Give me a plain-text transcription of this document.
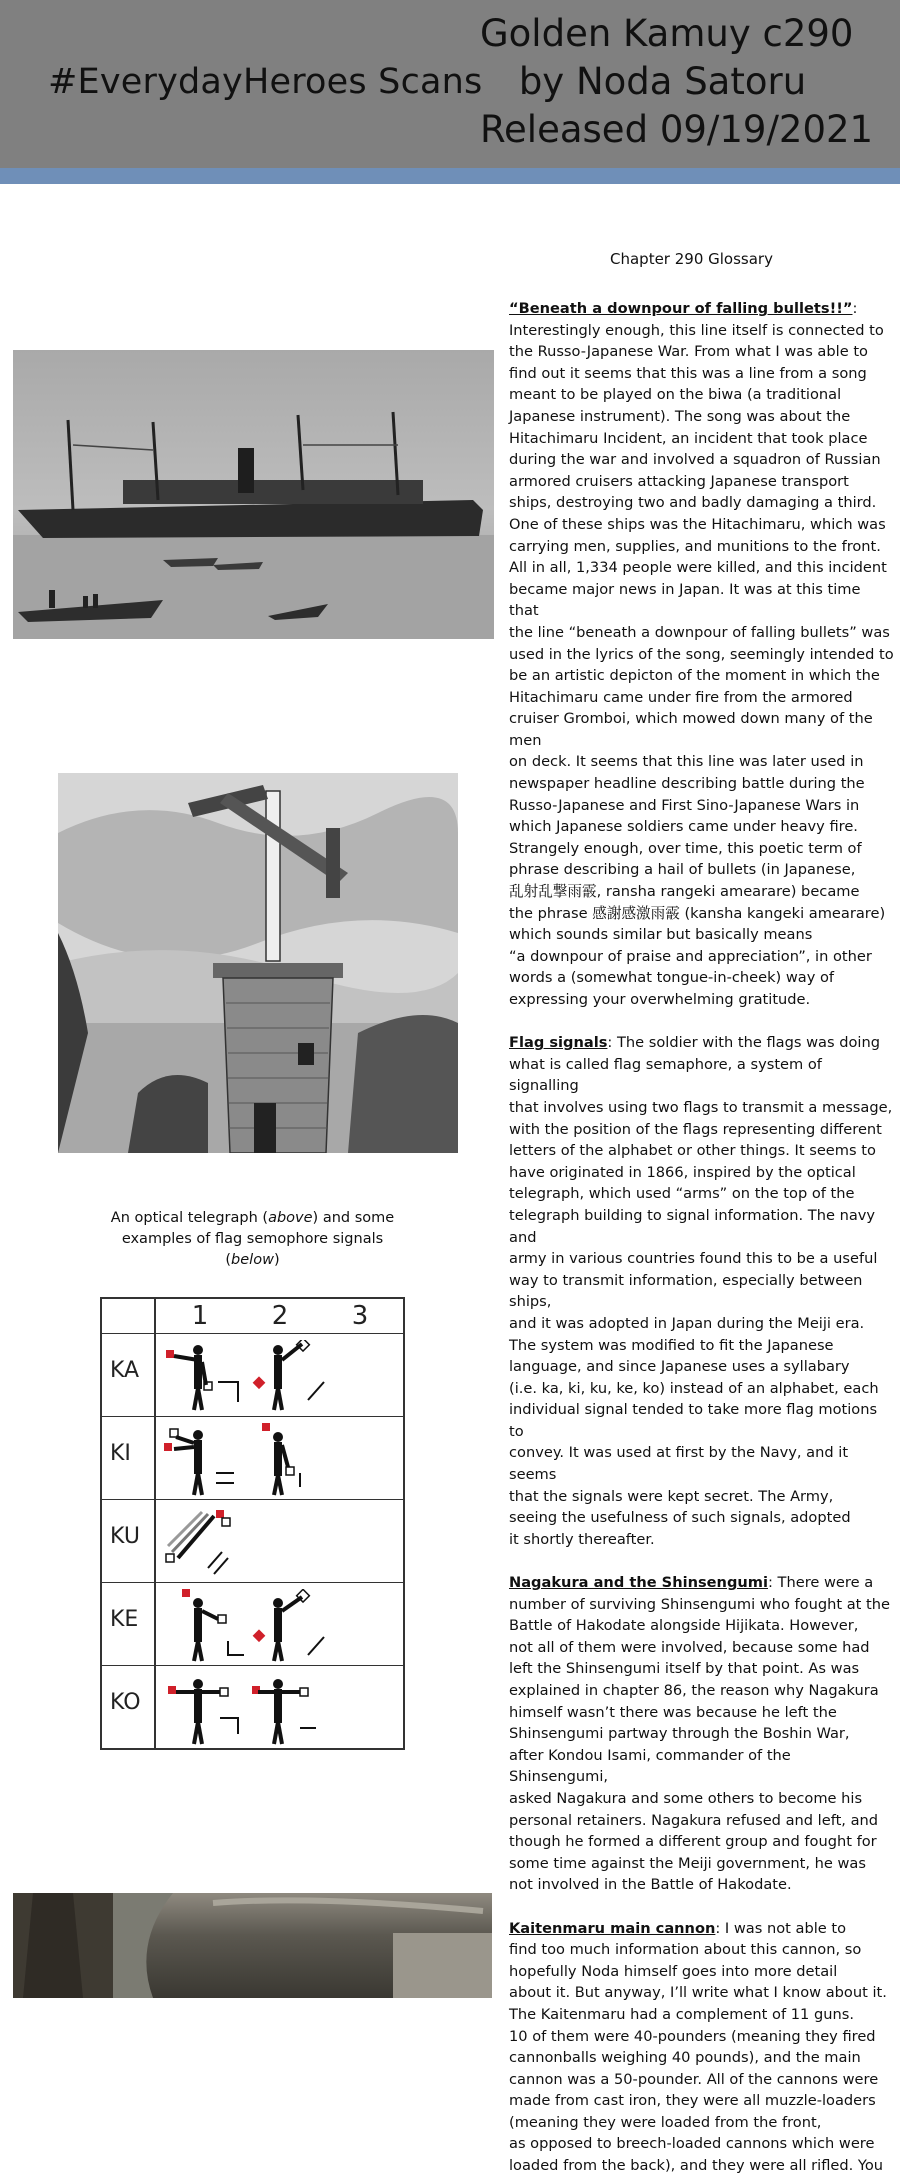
#EverydayHeroes Scans
Golden Kamuy c290
by Noda Satoru
Released 09/19/2021
Chapter 290 Glossary

“Beneath a downpour of falling bullets!!”:

Interestingly enough, this line itself is connected to
the Russo-Japanese War. From what I was able to
find out it seems that this was a line from a song
meant to be played on the biwa (a traditional
Japanese instrument). The song was about the
Hitachimaru Incident, an incident that took place
during the war and involved a squadron of Russian
armored cruisers attacking Japanese transport
ships, destroying two and badly damaging a third.
One of these ships was the Hitachimaru, which was
carrying men, supplies, and munitions to the front.
All in all, 1,334 people were killed, and this incident
became major news in Japan. It was at this time that
the line “beneath a downpour of falling bullets” was
used in the lyrics of the song, seemingly intended to
be an artistic depicton of the moment in which the
Hitachimaru came under fire from the armored
cruiser Gromboi, which mowed down many of the men
on deck. It seems that this line was later used in
newspaper headline describing battle during the
Russo-Japanese and First Sino-Japanese Wars in
which Japanese soldiers came under heavy fire.
Strangely enough, over time, this poetic term of
phrase describing a hail of bullets (in Japanese,
乱射乱撃雨霰, ransha rangeki amearare) became
the phrase 感謝感激雨霰 (kansha kangeki amearare)
which sounds similar but basically means
“a downpour of praise and appreciation”, in other
words a (somewhat tongue-in-cheek) way of
expressing your overwhelming gratitude.

Flag signals: The soldier with the flags was doing

what is called flag semaphore, a system of signalling
that involves using two flags to transmit a message,
with the position of the flags representing different
letters of the alphabet or other things. It seems to
have originated in 1866, inspired by the optical
telegraph, which used “arms” on the top of the
telegraph building to signal information. The navy and
army in various countries found this to be a useful
way to transmit information, especially between ships,
and it was adopted in Japan during the Meiji era.
The system was modified to fit the Japanese
language, and since Japanese uses a syllabary
(i.e. ka, ki, ku, ke, ko) instead of an alphabet, each
individual signal tended to take more flag motions to
convey. It was used at first by the Navy, and it seems
that the signals were kept secret. The Army,
seeing the usefulness of such signals, adopted
it shortly thereafter.

Nagakura and the Shinsengumi: There were a

number of surviving Shinsengumi who fought at the
Battle of Hakodate alongside Hijikata. However,
not all of them were involved, because some had
left the Shinsengumi itself by that point. As was
explained in chapter 86, the reason why Nagakura
himself wasn’t there was because he left the
Shinsengumi partway through the Boshin War,
after Kondou Isami, commander of the Shinsengumi,
asked Nagakura and some others to become his
personal retainers. Nagakura refused and left, and
though he formed a different group and fought for
some time against the Meiji government, he was
not involved in the Battle of Hakodate.

Kaitenmaru main cannon: I was not able to

find too much information about this cannon, so
hopefully Noda himself goes into more detail
about it. But anyway, I’ll write what I know about it.
The Kaitenmaru had a complement of 11 guns.
10 of them were 40-pounders (meaning they fired
cannonballs weighing 40 pounds), and the main
cannon was a 50-pounder. All of the cannons were
made from cast iron, they were all muzzle-loaders
(meaning they were loaded from the front,
as opposed to breech-loaded cannons which were
loaded from the back), and they were all rifled. You
An optical telegraph (above) and some
examples of flag semophore signals (below)
1	2	3
KA
KI
KU
KE
KO
